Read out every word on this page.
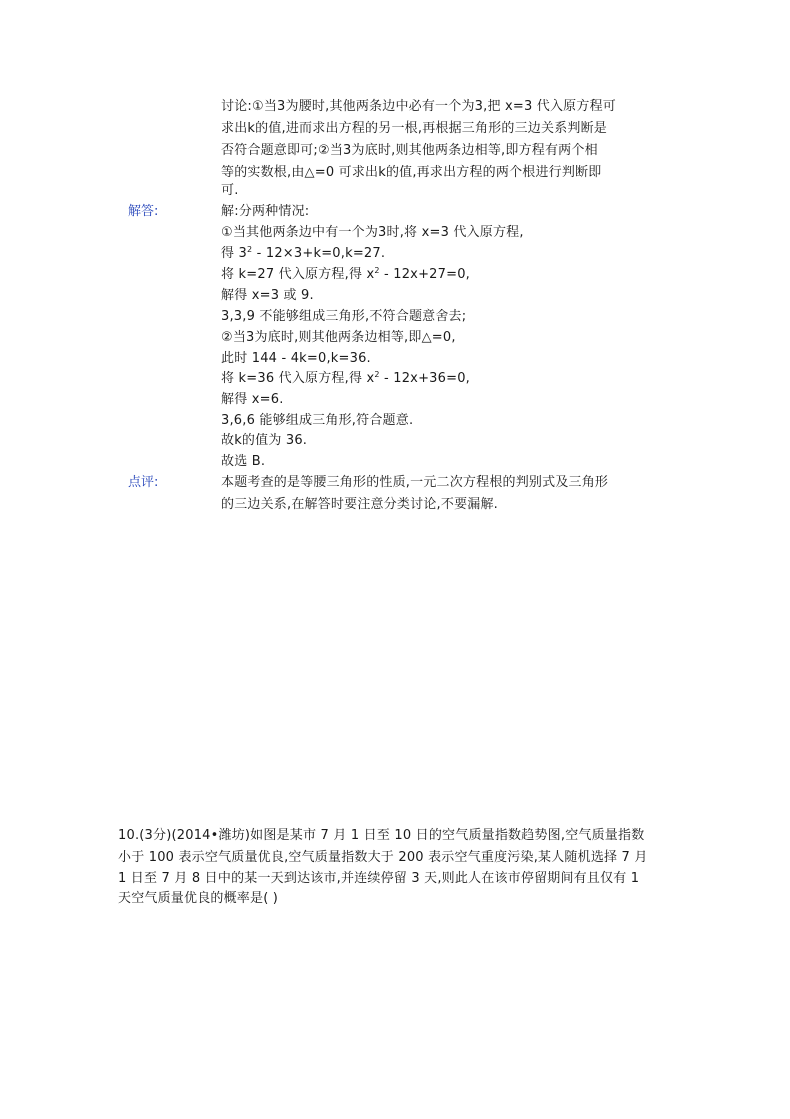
讨论:①当3为腰时,其他两条边中必有一个为3,把 x=3 代入原方程可
求出k的值,进而求出方程的另一根,再根据三角形的三边关系判断是
否符合题意即可;②当3为底时,则其他两条边相等,即方程有两个相
等的实数根,由△=0 可求出k的值,再求出方程的两个根进行判断即
可.
解答:	解:分两种情况:
①当其他两条边中有一个为3时,将 x=3 代入原方程,
得 $3^2 - 12\times 3+k=0,k=27$.
将 k=27 代入原方程,得 $x^2 - 12x+27=0$,
解得 x=3 或 9.
3,3,9 不能够组成三角形,不符合题意舍去;
②当3为底时,则其他两条边相等,即△=0,
此时 144 - 4k=0,k=36.
将 k=36 代入原方程,得 $x^2 - 12x+36=0$,
解得 x=6.
3,6,6 能够组成三角形,符合题意.
故k的值为 36.
故选 B.
点评:	本题考查的是等腰三角形的性质,一元二次方程根的判别式及三角形
的三边关系,在解答时要注意分类讨论,不要漏解.
10.(3分)(2014•潍坊)如图是某市 7 月 1 日至 10 日的空气质量指数趋势图,空气质量指数
小于 100 表示空气质量优良,空气质量指数大于 200 表示空气重度污染,某人随机选择 7 月
1 日至 7 月 8 日中的某一天到达该市,并连续停留 3 天,则此人在该市停留期间有且仅有 1
天空气质量优良的概率是( )
